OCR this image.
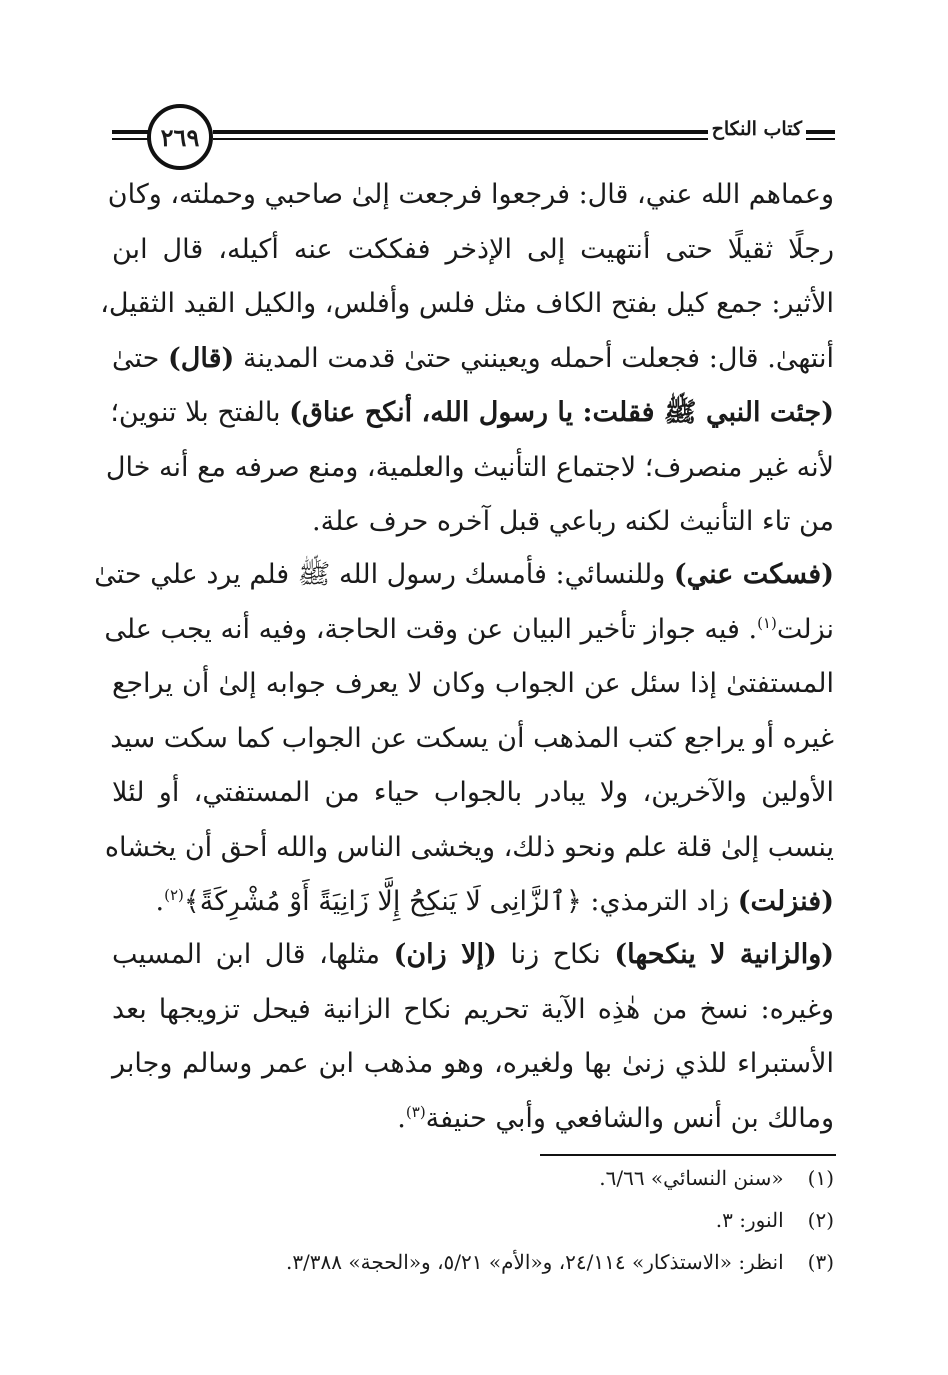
٢٦٩	كتاب النكاح
وعماهم الله عني، قال: فرجعوا فرجعت إلىٰ صاحبي وحملته، وكان
رجلًا ثقيلًا حتى أنتهيت إلى الإذخر ففككت عنه أكيله، قال ابن
الأثير: جمع كيل بفتح الكاف مثل فلس وأفلس، والكيل القيد الثقيل،
أنتهىٰ. قال: فجعلت أحمله ويعينني حتىٰ قدمت المدينة (قال) حتىٰ
(جئت النبي ﷺ فقلت: يا رسول الله، أنكح عناق) بالفتح بلا تنوين؛
لأنه غير منصرف؛ لاجتماع التأنيث والعلمية، ومنع صرفه مع أنه خال
من تاء التأنيث لكنه رباعي قبل آخره حرف علة.
(فسكت عني) وللنسائي: فأمسك رسول الله ﷺ فلم يرد علي حتىٰ
نزلت$^{(١)}$. فيه جواز تأخير البيان عن وقت الحاجة، وفيه أنه يجب على
المستفتىٰ إذا سئل عن الجواب وكان لا يعرف جوابه إلىٰ أن يراجع
غيره أو يراجع كتب المذهب أن يسكت عن الجواب كما سكت سيد
الأولين والآخرين، ولا يبادر بالجواب حياء من المستفتي، أو لئلا
ينسب إلىٰ قلة علم ونحو ذلك، ويخشى الناس والله أحق أن يخشاه
(فنزلت) زاد الترمذي: ﴿ٱلزَّانِى لَا يَنكِحُ إِلَّا زَانِيَةً أَوْ مُشْرِكَةً﴾$^{(٢)}$.
(والزانية لا ينكحها) نكاح زنا (إلا زان) مثلها، قال ابن المسيب
وغيره: نسخ من هٰذِه الآية تحريم نكاح الزانية فيحل تزويجها بعد
الأستبراء للذي زنىٰ بها ولغيره، وهو مذهب ابن عمر وسالم وجابر
ومالك بن أنس والشافعي وأبي حنيفة$^{(٣)}$.
(١) «سنن النسائي» ٦/٦٦.
(٢) النور: ٣.
(٣) انظر: «الاستذكار» ٢٤/١١٤، و«الأم» ٥/٢١، و«الحجة» ٣/٣٨٨.
